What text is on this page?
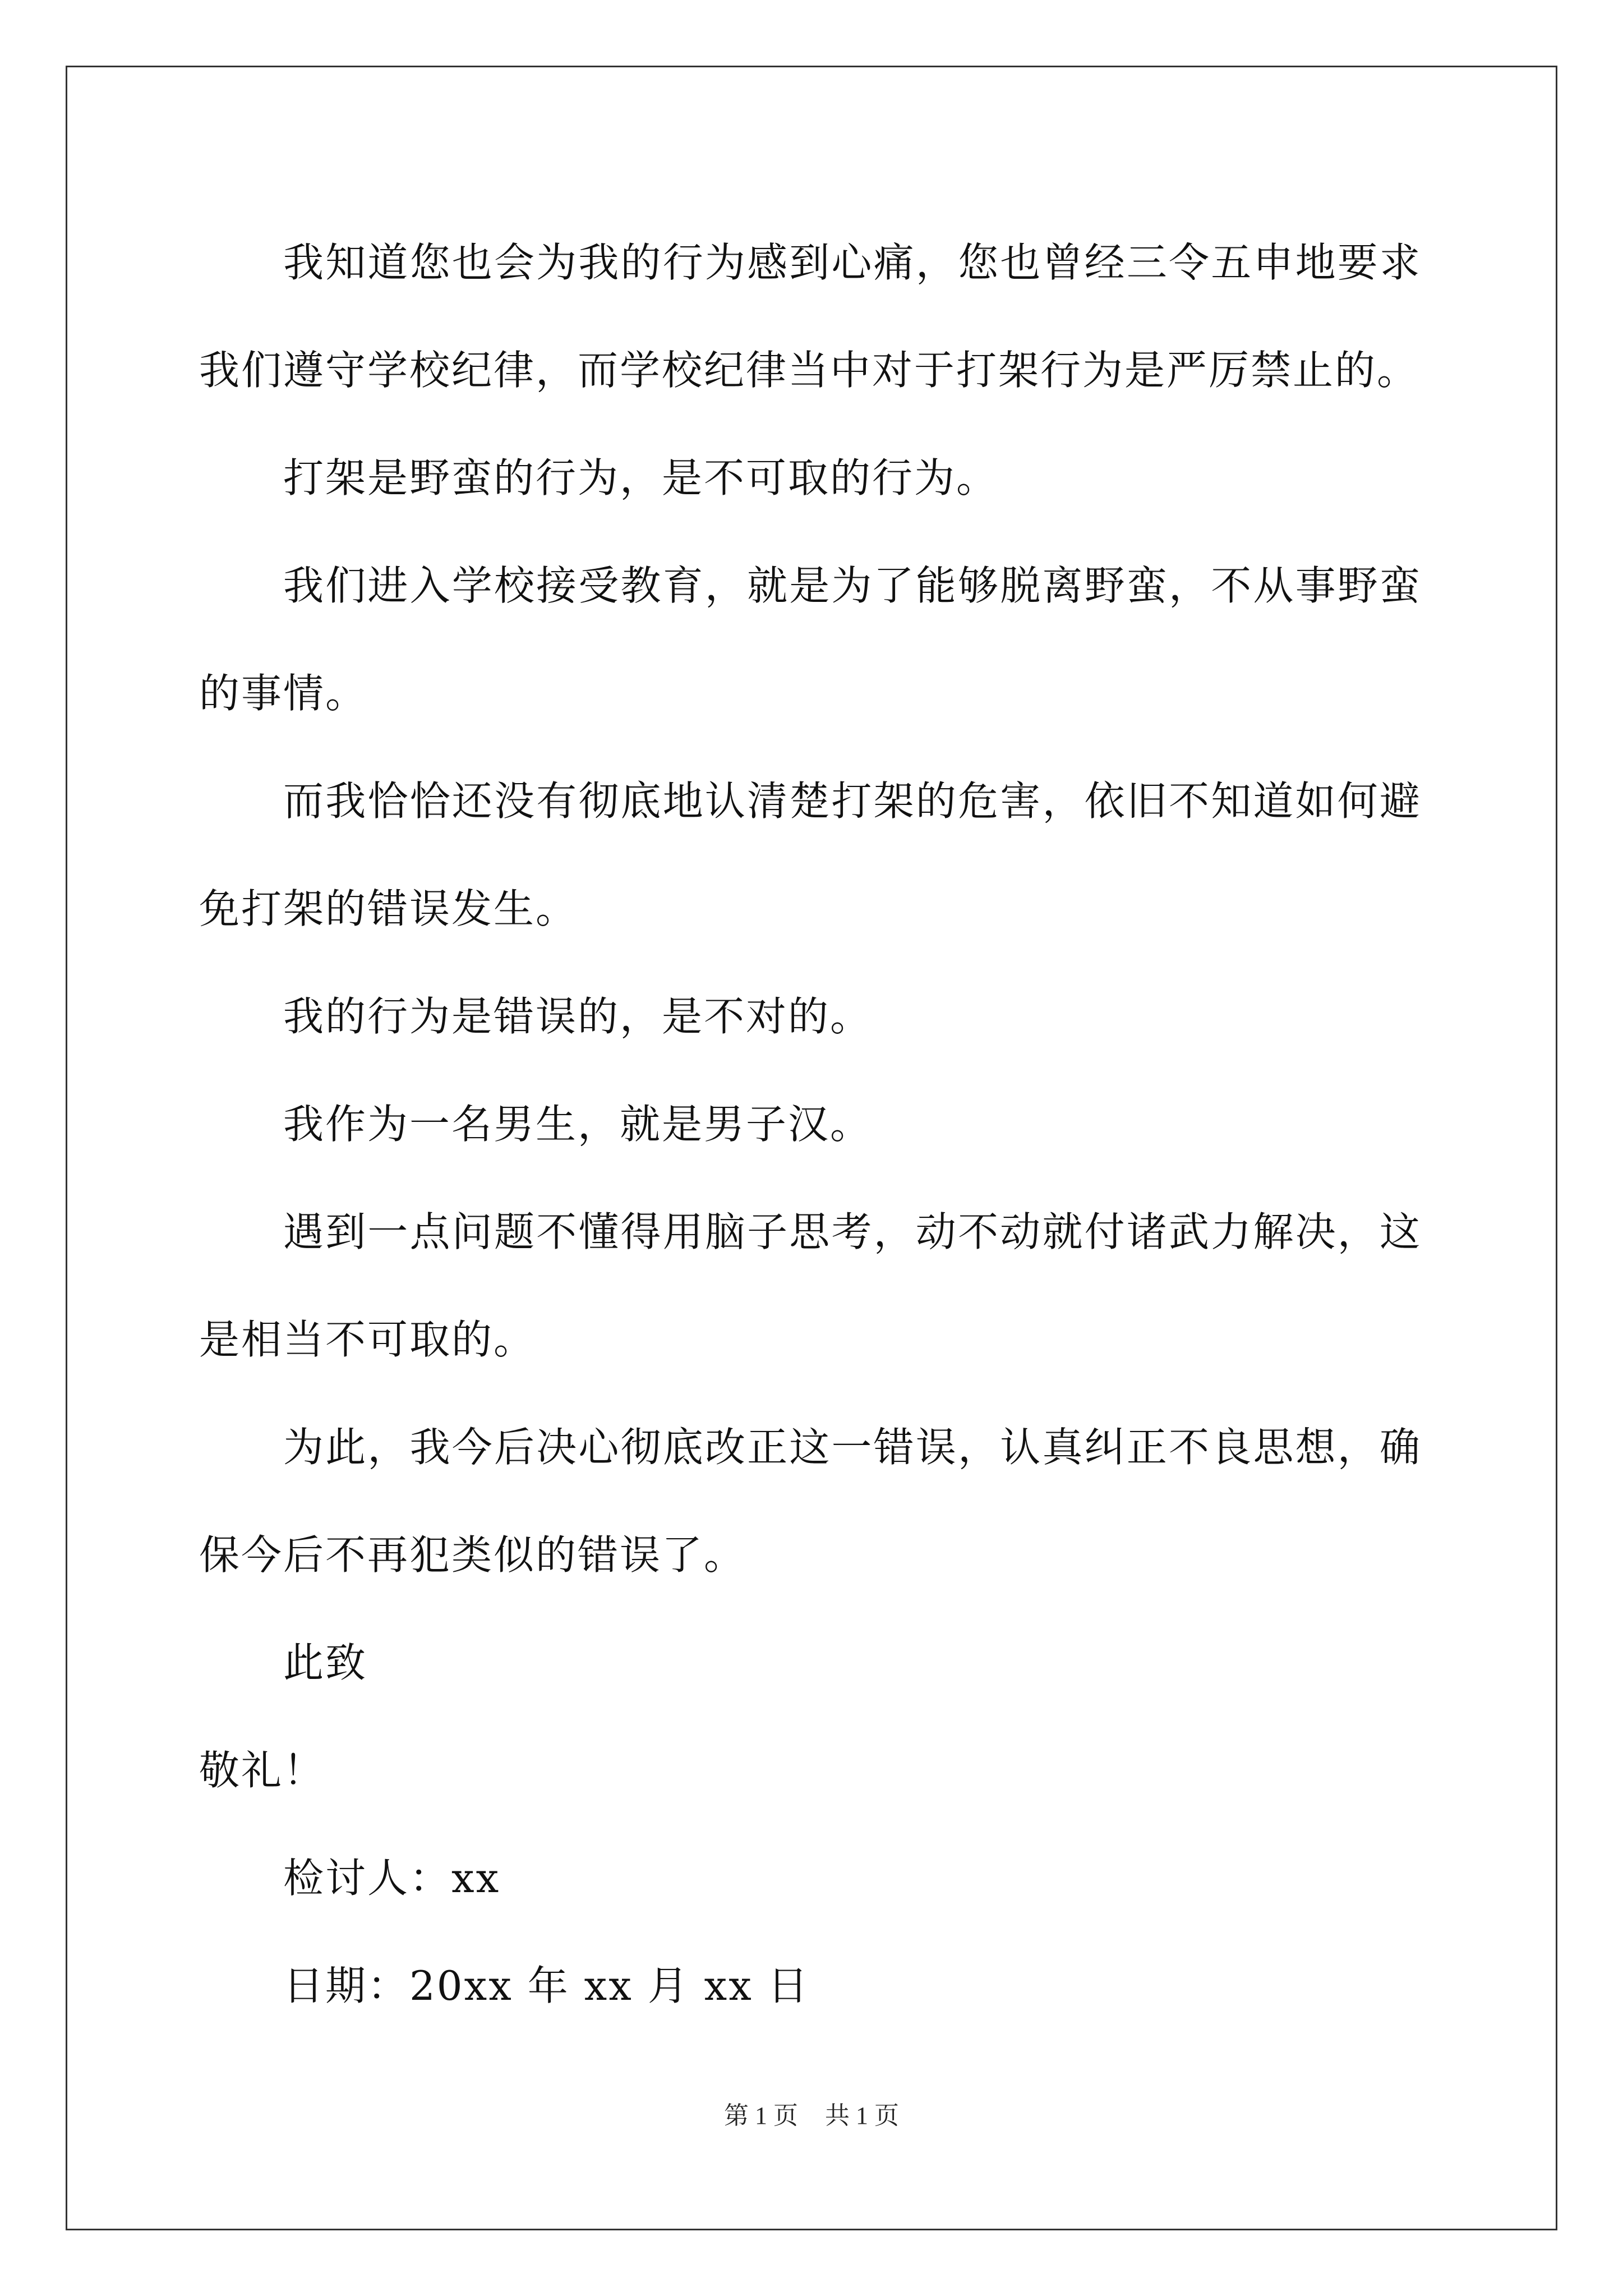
我知道您也会为我的行为感到心痛，您也曾经三令五申地要求我们遵守学校纪律，而学校纪律当中对于打架行为是严厉禁止的。

打架是野蛮的行为，是不可取的行为。

我们进入学校接受教育，就是为了能够脱离野蛮，不从事野蛮的事情。

而我恰恰还没有彻底地认清楚打架的危害，依旧不知道如何避免打架的错误发生。

我的行为是错误的，是不对的。

我作为一名男生，就是男子汉。

遇到一点问题不懂得用脑子思考，动不动就付诸武力解决，这是相当不可取的。

为此，我今后决心彻底改正这一错误，认真纠正不良思想，确保今后不再犯类似的错误了。

此致

敬礼！

检讨人：xx

日期：20xx 年 xx 月 xx 日

第 1 页 共 1 页
